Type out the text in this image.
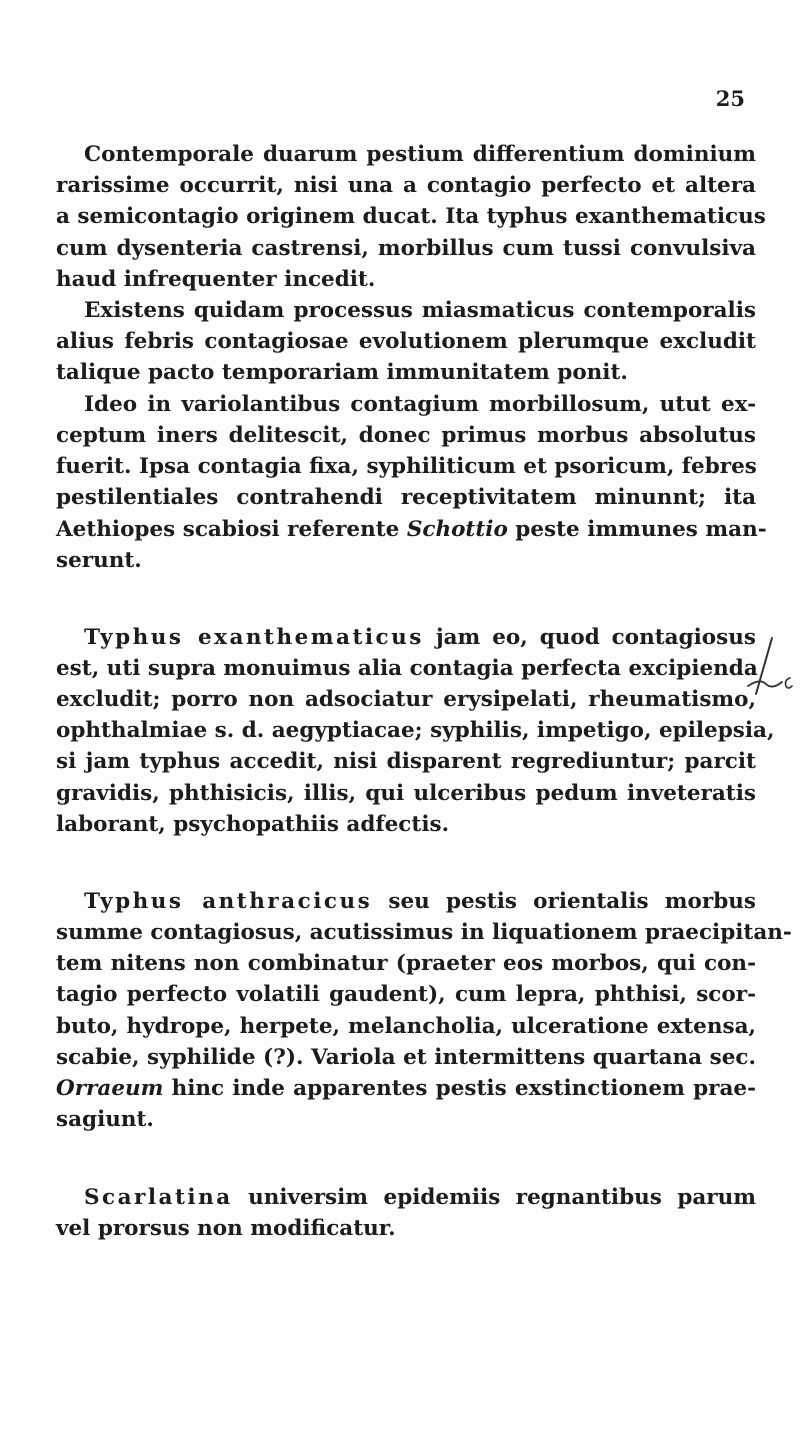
25
Contemporale duarum pestium differentium dominium
rarissime occurrit, nisi una a contagio perfecto et altera
a semicontagio originem ducat. Ita typhus exanthematicus
cum dysenteria castrensi, morbillus cum tussi convulsiva
haud infrequenter incedit.
Existens quidam processus miasmaticus contemporalis
alius febris contagiosae evolutionem plerumque excludit
talique pacto temporariam immunitatem ponit.
Ideo in variolantibus contagium morbillosum, utut ex-
ceptum iners delitescit, donec primus morbus absolutus
fuerit. Ipsa contagia fixa, syphiliticum et psoricum, febres
pestilentiales contrahendi receptivitatem minunnt; ita
Aethiopes scabiosi referente Schottio peste immunes man-
serunt.
Typhus exanthematicus jam eo, quod contagiosus
est, uti supra monuimus alia contagia perfecta excipienda
excludit; porro non adsociatur erysipelati, rheumatismo,
ophthalmiae s. d. aegyptiacae; syphilis, impetigo, epilepsia,
si jam typhus accedit, nisi disparent regrediuntur; parcit
gravidis, phthisicis, illis, qui ulceribus pedum inveteratis
laborant, psychopathiis adfectis.
Typhus anthracicus seu pestis orientalis morbus
summe contagiosus, acutissimus in liquationem praecipitan-
tem nitens non combinatur (praeter eos morbos, qui con-
tagio perfecto volatili gaudent), cum lepra, phthisi, scor-
buto, hydrope, herpete, melancholia, ulceratione extensa,
scabie, syphilide (?). Variola et intermittens quartana sec.
Orraeum hinc inde apparentes pestis exstinctionem prae-
sagiunt.
Scarlatina universim epidemiis regnantibus parum
vel prorsus non modificatur.
